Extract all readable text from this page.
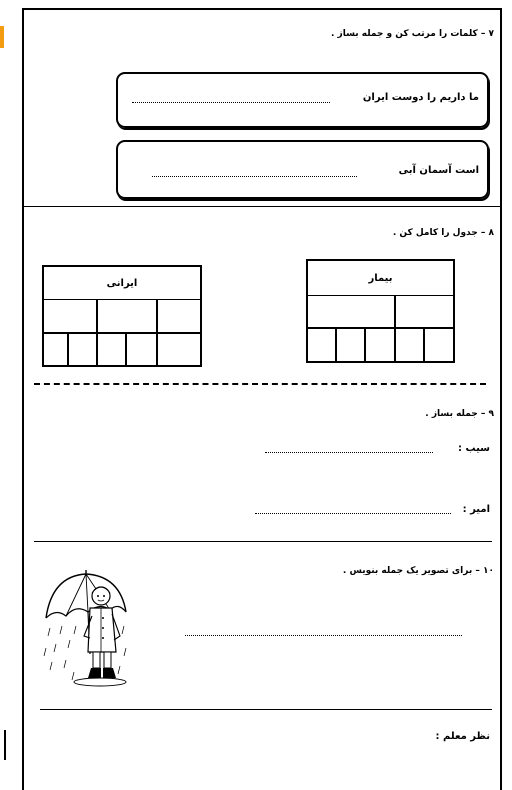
۷ – کلمات را مرتب کن و جمله بساز .
ما داریم را دوست ایران
است آسمان آبی
۸ – جدول را کامل کن .
بیمار
ایرانی
۹ – جمله بساز .
سیب :
امیر :
۱۰ – برای تصویر یک جمله بنویس .
نظر معلم :
